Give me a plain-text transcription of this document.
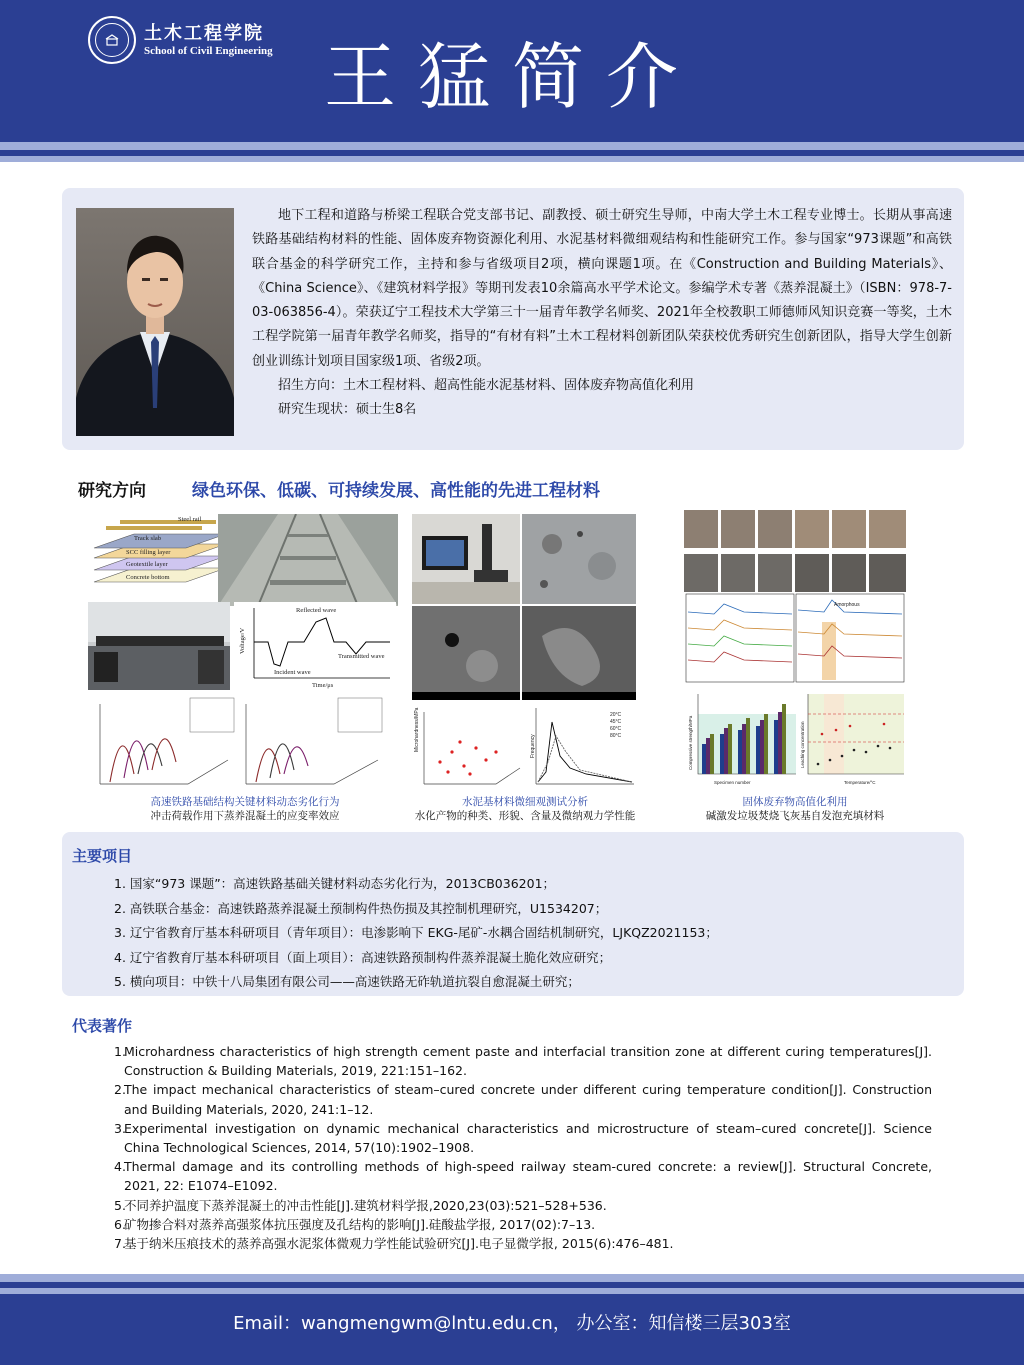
土木工程学院
School of Civil Engineering 王猛简介

地下工程和道路与桥梁工程联合党支部书记、副教授、硕士研究生导师，中南大学土木工程专业博士。长期从事高速铁路基础结构材料的性能、固体废弃物资源化利用、水泥基材料微细观结构和性能研究工作。参与国家“973课题”和高铁联合基金的科学研究工作，主持和参与省级项目2项，横向课题1项。在《Construction and Building Materials》、《China Science》、《建筑材料学报》等期刊发表10余篇高水平学术论文。参编学术专著《蒸养混凝土》（ISBN：978-7-03-063856-4）。荣获辽宁工程技术大学第三十一届青年教学名师奖、2021年全校教职工师德师风知识竞赛一等奖，土木工程学院第一届青年教学名师奖，指导的“有材有料”土木工程材料创新团队荣获校优秀研究生创新团队，指导大学生创新创业训练计划项目国家级1项、省级2项。

招生方向：土木工程材料、超高性能水泥基材料、固体废弃物高值化利用

研究生现状：硕士生8名

研究方向	绿色环保、低碳、可持续发展、高性能的先进工程材料
Steel rail
Track slab
SCC filling layer
Geotextile layer
Concrete bottom
Reflected wave
Transmitted wave
Incident wave
Time/μs
Voltage/V
高速铁路基础结构关键材料动态劣化行为
冲击荷载作用下蒸养混凝土的应变率效应
Microhardness/MPa	Frequency
20°C
45°C
60°C
80°C
水泥基材料微细观测试分析
水化产物的种类、形貌、含量及微纳观力学性能
Amorphous
Specimen number
Compressive strength/MPa
Temperature/°C
Leaching concentration
固体废弃物高值化利用
碱激发垃圾焚烧飞灰基自发泡充填材料
主要项目
1. 国家“973 课题”：高速铁路基础关键材料动态劣化行为，2013CB036201；
2. 高铁联合基金：高速铁路蒸养混凝土预制构件热伤损及其控制机理研究，U1534207；
3. 辽宁省教育厅基本科研项目（青年项目）：电渗影响下 EKG-尾矿-水耦合固结机制研究，LJKQZ2021153；
4. 辽宁省教育厅基本科研项目（面上项目）：高速铁路预制构件蒸养混凝土脆化效应研究；
5. 横向项目：中铁十八局集团有限公司——高速铁路无砟轨道抗裂自愈混凝土研究；
代表著作
1.
Microhardness characteristics of high strength cement paste and interfacial transition zone at different curing temperatures[J]. Construction & Building Materials, 2019, 221:151–162.
2.
The impact mechanical characteristics of steam–cured concrete under different curing temperature condition[J]. Construction and Building Materials, 2020, 241:1–12.
3.
Experimental investigation on dynamic mechanical characteristics and microstructure of steam–cured concrete[J]. Science China Technological Sciences, 2014, 57(10):1902–1908.
4.
Thermal damage and its controlling methods of high‐speed railway steam‐cured concrete: a review[J]. Structural Concrete, 2021, 22: E1074–E1092.
5.
不同养护温度下蒸养混凝土的冲击性能[J].建筑材料学报,2020,23(03):521–528+536.
6.
矿物掺合料对蒸养高强浆体抗压强度及孔结构的影响[J].硅酸盐学报, 2017(02):7–13.
7.
基于纳米压痕技术的蒸养高强水泥浆体微观力学性能试验研究[J].电子显微学报, 2015(6):476–481.
Email：wangmengwm@lntu.edu.cn， 办公室：知信楼三层303室
